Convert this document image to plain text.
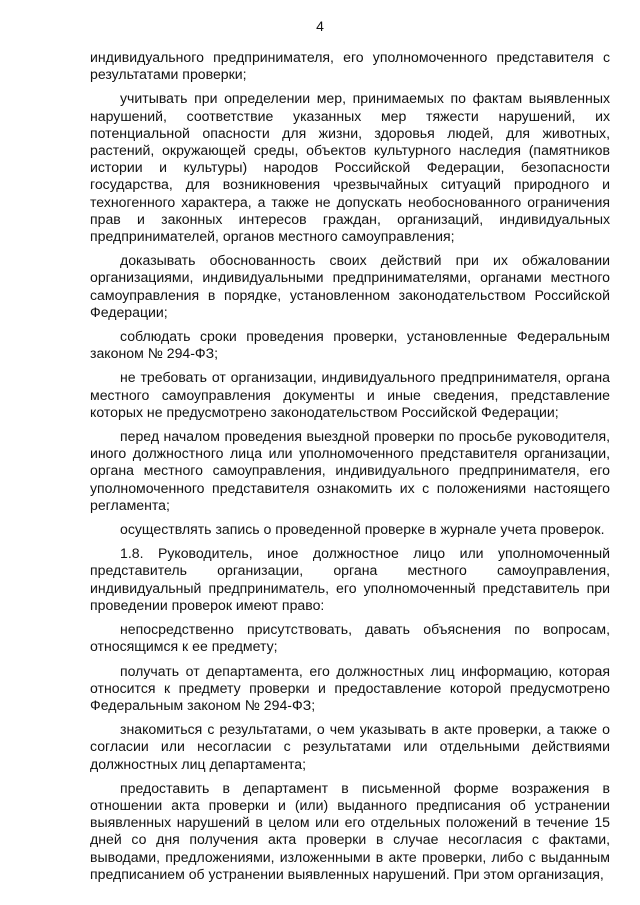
4

индивидуального предпринимателя, его уполномоченного представителя с результатами проверки;

учитывать при определении мер, принимаемых по фактам выявленных нарушений, соответствие указанных мер тяжести нарушений, их потенциальной опасности для жизни, здоровья людей, для животных, растений, окружающей среды, объектов культурного наследия (памятников истории и культуры) народов Российской Федерации, безопасности государства, для возникновения чрезвычайных ситуаций природного и техногенного характера, а также не допускать необоснованного ограничения прав и законных интересов граждан, организаций, индивидуальных предпринимателей, органов местного самоуправления;

доказывать обоснованность своих действий при их обжаловании организациями, индивидуальными предпринимателями, органами местного самоуправления в порядке, установленном законодательством Российской Федерации;

соблюдать сроки проведения проверки, установленные Федеральным законом № 294-ФЗ;

не требовать от организации, индивидуального предпринимателя, органа местного самоуправления документы и иные сведения, представление которых не предусмотрено законодательством Российской Федерации;

перед началом проведения выездной проверки по просьбе руководителя, иного должностного лица или уполномоченного представителя организации, органа местного самоуправления, индивидуального предпринимателя, его уполномоченного представителя ознакомить их с положениями настоящего регламента;

осуществлять запись о проведенной проверке в журнале учета проверок.

1.8. Руководитель, иное должностное лицо или уполномоченный представитель организации, органа местного самоуправления, индивидуальный предприниматель, его уполномоченный представитель при проведении проверок имеют право:

непосредственно присутствовать, давать объяснения по вопросам, относящимся к ее предмету;

получать от департамента, его должностных лиц информацию, которая относится к предмету проверки и предоставление которой предусмотрено Федеральным законом № 294-ФЗ;

знакомиться с результатами, о чем указывать в акте проверки, а также о согласии или несогласии с результатами или отдельными действиями должностных лиц департамента;

предоставить в департамент в письменной форме возражения в отношении акта проверки и (или) выданного предписания об устранении выявленных нарушений в целом или его отдельных положений в течение 15 дней со дня получения акта проверки в случае несогласия с фактами, выводами, предложениями, изложенными в акте проверки, либо с выданным предписанием об устранении выявленных нарушений. При этом организация,
